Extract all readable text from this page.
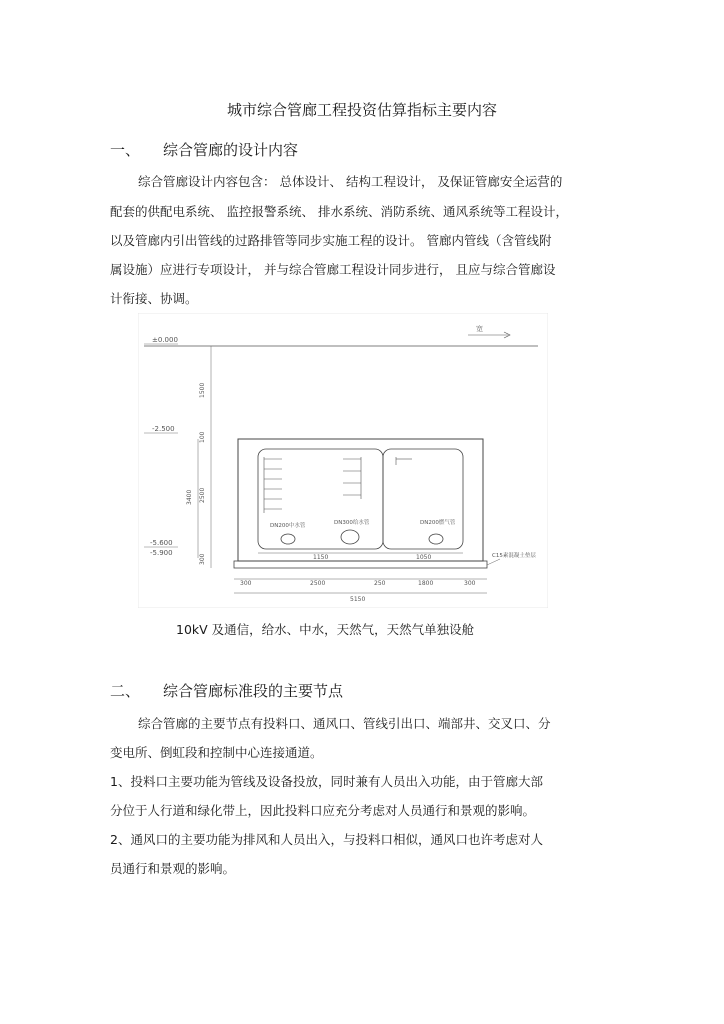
城市综合管廊工程投资估算指标主要内容
一、 综合管廊的设计内容
综合管廊设计内容包含： 总体设计、 结构工程设计， 及保证管廊安全运营的
配套的供配电系统、 监控报警系统、 排水系统、消防系统、通风系统等工程设计，
以及管廊内引出管线的过路排管等同步实施工程的设计。 管廊内管线（含管线附
属设施）应进行专项设计， 并与综合管廊工程设计同步进行， 且应与综合管廊设
计衔接、协调。
宽
±0.000
-2.500
-5.600
-5.900
1500
100
3400 2500
300
DN200中水管	DN300给水管	DN200燃气管
1150	1050	C15素混凝土垫层
300	2500	250	1800	300
5150
10kV 及通信，给水、中水，天然气，天然气单独设舱
二、 综合管廊标准段的主要节点
综合管廊的主要节点有投料口、通风口、管线引出口、端部井、交叉口、分
变电所、倒虹段和控制中心连接通道。
1、投料口主要功能为管线及设备投放，同时兼有人员出入功能，由于管廊大部
分位于人行道和绿化带上，因此投料口应充分考虑对人员通行和景观的影响。
2、通风口的主要功能为排风和人员出入，与投料口相似，通风口也许考虑对人
员通行和景观的影响。
